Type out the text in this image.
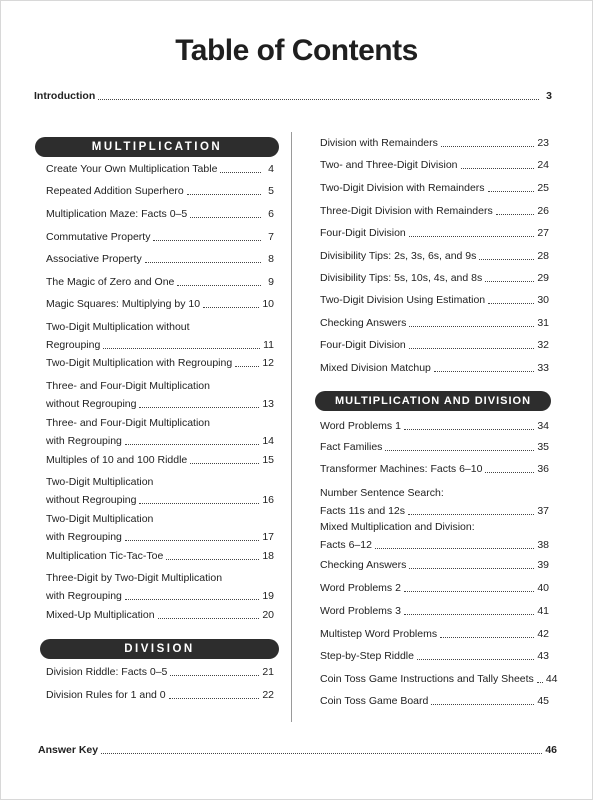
Table of Contents
Introduction	3
MULTIPLICATION
DIVISION
MULTIPLICATION AND DIVISION
Create Your Own Multiplication Table	4
Repeated Addition Superhero	5
Multiplication Maze: Facts 0–5	6
Commutative Property	7
Associative Property	8
The Magic of Zero and One	9
Magic Squares: Multiplying by 10	10
Two-Digit Multiplication without
Regrouping	11
Two-Digit Multiplication with Regrouping	12
Three- and Four-Digit Multiplication
without Regrouping	13
Three- and Four-Digit Multiplication
with Regrouping	14
Multiples of 10 and 100 Riddle	15
Two-Digit Multiplication
without Regrouping	16
Two-Digit Multiplication
with Regrouping	17
Multiplication Tic-Tac-Toe	18
Three-Digit by Two-Digit Multiplication
with Regrouping	19
Mixed-Up Multiplication	20
Division Riddle: Facts 0–5	21
Division Rules for 1 and 0	22
Division with Remainders	23
Two- and Three-Digit Division	24
Two-Digit Division with Remainders	25
Three-Digit Division with Remainders	26
Four-Digit Division	27
Divisibility Tips: 2s, 3s, 6s, and 9s	28
Divisibility Tips: 5s, 10s, 4s, and 8s	29
Two-Digit Division Using Estimation	30
Checking Answers	31
Four-Digit Division	32
Mixed Division Matchup	33
Word Problems 1	34
Fact Families	35
Transformer Machines: Facts 6–10	36
Number Sentence Search:
Facts 11s and 12s	37
Mixed Multiplication and Division:
Facts 6–12	38
Checking Answers	39
Word Problems 2	40
Word Problems 3	41
Multistep Word Problems	42
Step-by-Step Riddle	43
Coin Toss Game Instructions and Tally Sheets 44
Coin Toss Game Board	45
Answer Key	46
